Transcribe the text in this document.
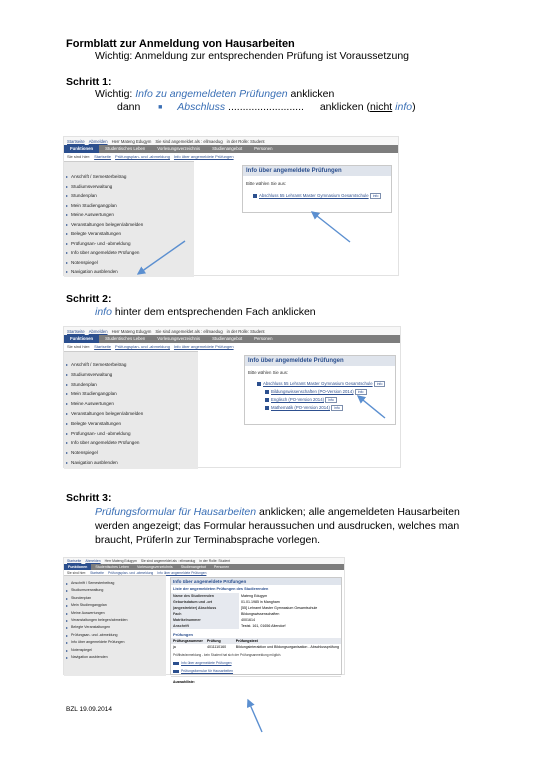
Formblatt zur Anmeldung von Hausarbeiten
Wichtig: Anmeldung zur entsprechenden Prüfung ist Voraussetzung
Schritt 1:
Wichtig: Info zu angemeldeten Prüfungen anklicken
dann	■ Abschluss .......................... anklicken (nicht info)
Startseite Abmelden Herr Mateng Edugym Sie sind angemeldet als : ellmaedug in der Rolle: Student
Funktionen	Studentisches Leben	Vorlesungsverzeichnis	Studienangebot	Personen
Sie sind hier: Startseite Prüfungsplan- und -abmeldung Info über angemeldete Prüfungen
▸ Anschrift / Semesterbeitrag
▸ Studiumsverwaltung
▸ Stundenplan
▸ Mein Studiengangplan
▸ Meine Auswertungen
▸ Veranstaltungen belegen/abmelden
▸ Belegte Veranstaltungen
▸ Prüfungsan- und -abmeldung
▸ Info über angemeldete Prüfungen
▸ Notenspiegel
▸ Navigation ausblenden
Info über angemeldete Prüfungen
Bitte wählen Sie aus:
Abschluss 55 Lehramt Master Gymnasium Gesamtschule info
Schritt 2:
info hinter dem entsprechenden Fach anklicken
Startseite Abmelden Herr Mateng Edugym Sie sind angemeldet als : ellmaedug in der Rolle: Student
Funktionen	Studentisches Leben	Vorlesungsverzeichnis	Studienangebot	Personen
Sie sind hier: Startseite Prüfungsplan- und -abmeldung Info über angemeldete Prüfungen
▸ Anschrift / Semesterbeitrag
▸ Studiumsverwaltung
▸ Stundenplan
▸ Mein Studiengangplan
▸ Meine Auswertungen
▸ Veranstaltungen belegen/abmelden
▸ Belegte Veranstaltungen
▸ Prüfungsan- und -abmeldung
▸ Info über angemeldete Prüfungen
▸ Notenspiegel
▸ Navigation ausblenden
Info über angemeldete Prüfungen
Bitte wählen Sie aus:
Abschluss 55 Lehramt Master Gymnasium Gesamtschule info
Bildungswissenschaften (PO-Version 2014) info
Englisch (PO-Version 2014) info
Mathematik (PO-Version 2014) info
Schritt 3:
Prüfungsformular für Hausarbeiten anklicken; alle angemeldeten Hausarbeiten
werden angezeigt; das Formular heraussuchen und ausdrucken, welches man
braucht, PrüferIn zur Terminabsprache vorlegen.
Startseite Abmelden Herr Mateng Edugym Sie sind angemeldet als : ellmaedug in der Rolle: Student
Funktionen	Studentisches Leben	Vorlesungsverzeichnis	Studienangebot	Personen
Sie sind hier: Startseite Prüfungsplan- und -abmeldung Info über angemeldete Prüfungen
▸ Anschrift / Semesterbeitrag
▸ Studiumsverwaltung
▸ Stundenplan
▸ Mein Studiengangplan
▸ Meine Auswertungen
▸ Veranstaltungen belegen/abmelden
▸ Belegte Veranstaltungen
▸ Prüfungsan- und -abmeldung
▸ Info über angemeldete Prüfungen
▸ Notenspiegel
▸ Navigation ausblenden
Info über angemeldete Prüfungen
Liste der angemeldeten Prüfungen des Studierenden
Name des Studierenden	Mateng Edugym
Geburtsdatum und -ort	01.01.1985 in Mangham
(angestrebter) Abschluss	[55] Lehramt Master Gymnasium Gesamtschule
Fach	Bildungswissenschaften
Matrikelnummer	4001614
Anschrift	Testst. 161, 01656 Altendorf
Prüfungen
Prüfungsnummer	Prüfung	Prüfungstext
ja	4011110160	Bildungsinteraktion und Bildungsorganisation - Abschlussprüfung
Prüfliste/anmeldung - kein Student hat sich der Prüfungsanmeldung möglich.
Info über angemeldete Prüfungen
Prüfungsformular für Hausarbeiten
Auswahlliste:
BZL 19.09.2014
